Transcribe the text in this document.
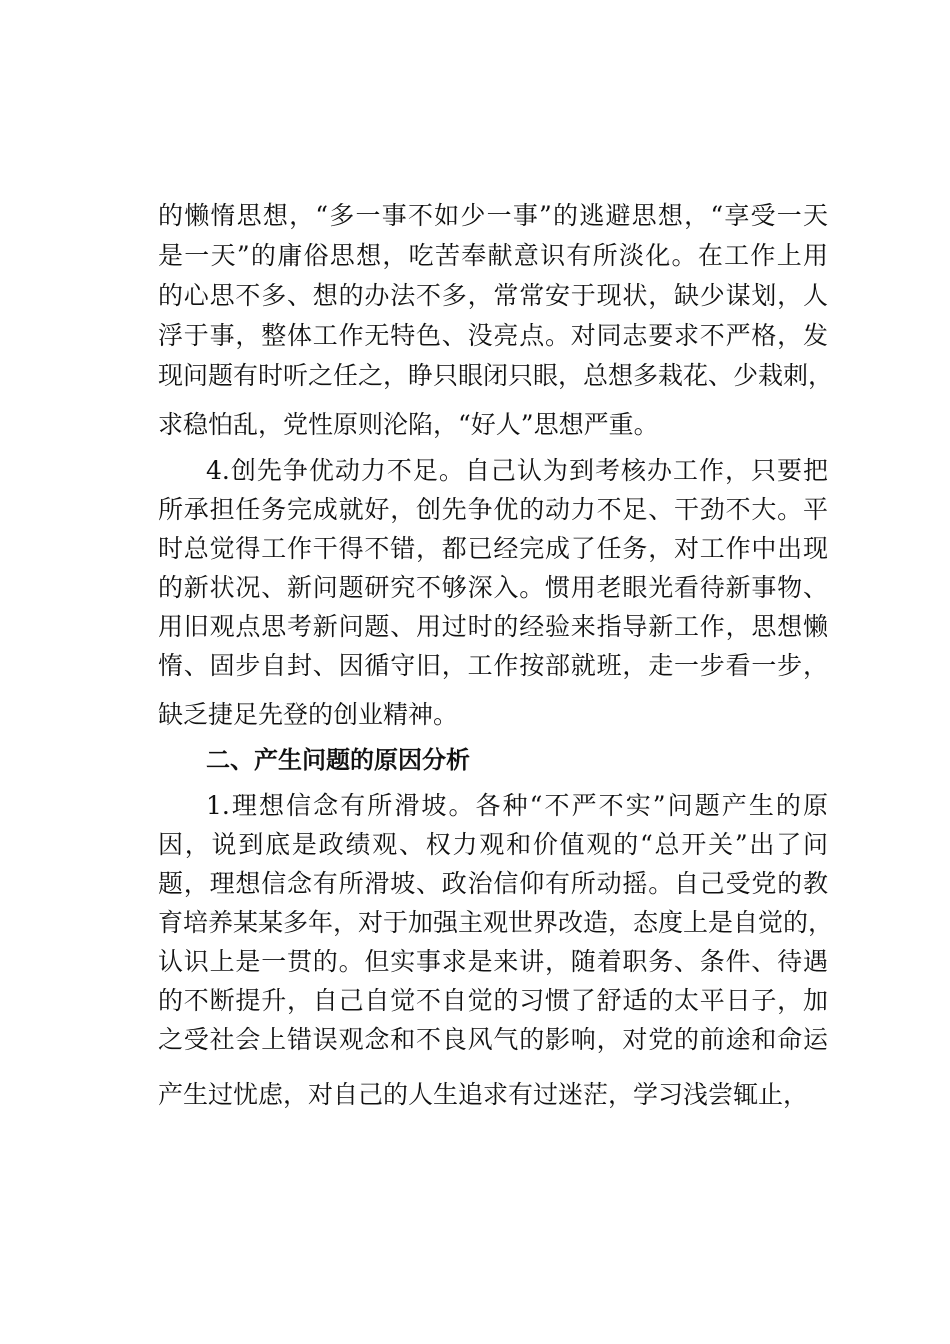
的懒惰思想，“多一事不如少一事”的逃避思想，“享受一天
是一天”的庸俗思想，吃苦奉献意识有所淡化。在工作上用
的心思不多、想的办法不多，常常安于现状，缺少谋划，人
浮于事，整体工作无特色、没亮点。对同志要求不严格，发
现问题有时听之任之，睁只眼闭只眼，总想多栽花、少栽刺，
求稳怕乱，党性原则沦陷，“好人”思想严重。
4.创先争优动力不足。自己认为到考核办工作，只要把
所承担任务完成就好，创先争优的动力不足、干劲不大。平
时总觉得工作干得不错，都已经完成了任务，对工作中出现
的新状况、新问题研究不够深入。惯用老眼光看待新事物、
用旧观点思考新问题、用过时的经验来指导新工作，思想懒
惰、固步自封、因循守旧，工作按部就班，走一步看一步，
缺乏捷足先登的创业精神。
二、产生问题的原因分析
1.理想信念有所滑坡。各种“不严不实”问题产生的原
因，说到底是政绩观、权力观和价值观的“总开关”出了问
题，理想信念有所滑坡、政治信仰有所动摇。自己受党的教
育培养某某多年，对于加强主观世界改造，态度上是自觉的，
认识上是一贯的。但实事求是来讲，随着职务、条件、待遇
的不断提升，自己自觉不自觉的习惯了舒适的太平日子，加
之受社会上错误观念和不良风气的影响，对党的前途和命运
产生过忧虑，对自己的人生追求有过迷茫，学习浅尝辄止，
